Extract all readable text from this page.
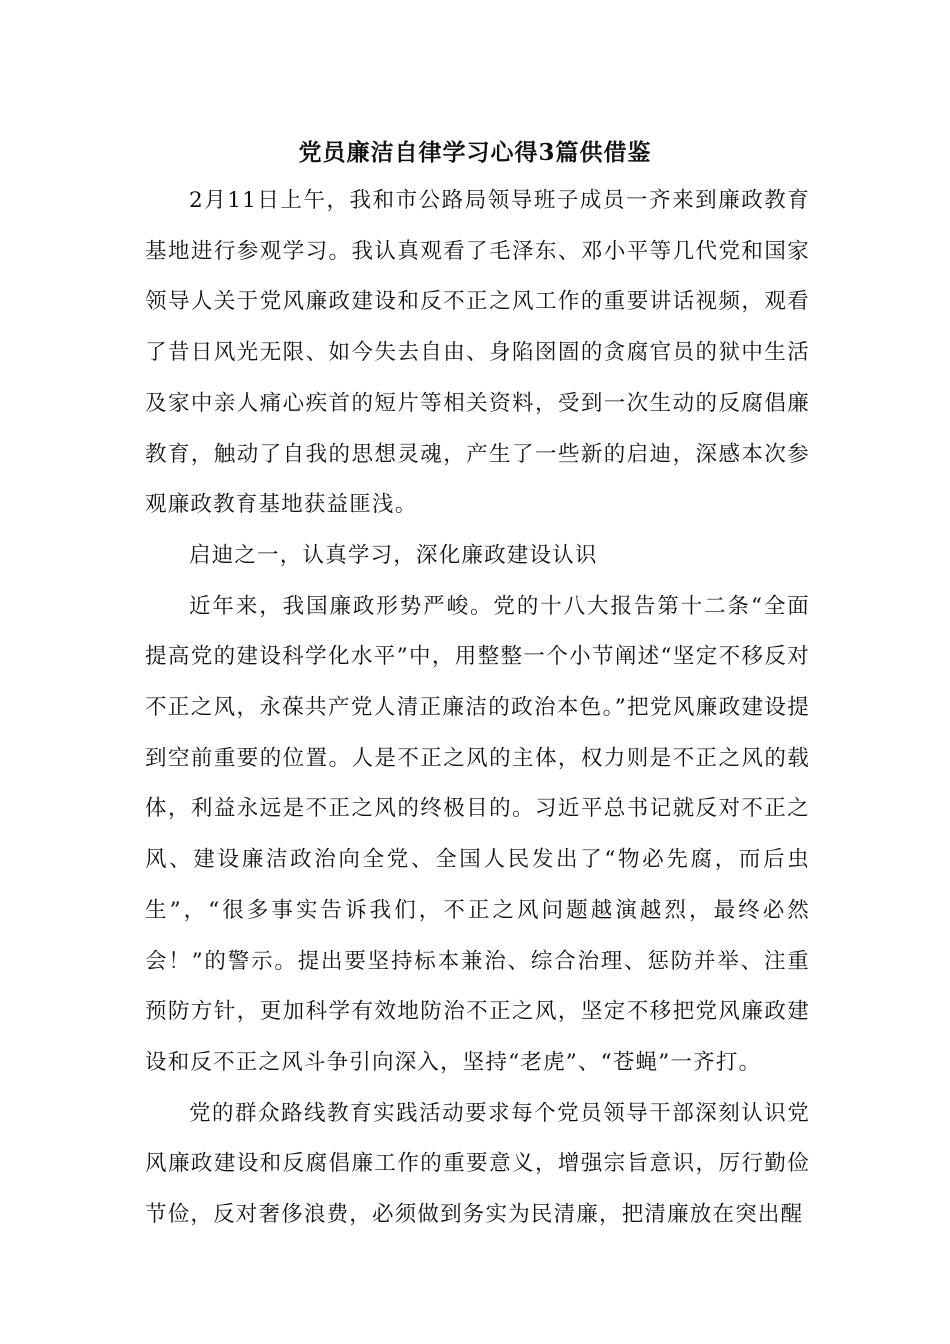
党员廉洁自律学习心得3篇供借鉴

2月11日上午，我和市公路局领导班子成员一齐来到廉政教育基地进行参观学习。我认真观看了毛泽东、邓小平等几代党和国家领导人关于党风廉政建设和反不正之风工作的重要讲话视频，观看了昔日风光无限、如今失去自由、身陷囹圄的贪腐官员的狱中生活及家中亲人痛心疾首的短片等相关资料，受到一次生动的反腐倡廉教育，触动了自我的思想灵魂，产生了一些新的启迪，深感本次参观廉政教育基地获益匪浅。

启迪之一，认真学习，深化廉政建设认识

近年来，我国廉政形势严峻。党的十八大报告第十二条“全面提高党的建设科学化水平”中，用整整一个小节阐述“坚定不移反对不正之风，永葆共产党人清正廉洁的政治本色。”把党风廉政建设提到空前重要的位置。人是不正之风的主体，权力则是不正之风的载体，利益永远是不正之风的终极目的。习近平总书记就反对不正之风、建设廉洁政治向全党、全国人民发出了“物必先腐，而后虫生”，“很多事实告诉我们，不正之风问题越演越烈，最终必然会！”的警示。提出要坚持标本兼治、综合治理、惩防并举、注重预防方针，更加科学有效地防治不正之风，坚定不移把党风廉政建设和反不正之风斗争引向深入，坚持“老虎”、“苍蝇”一齐打。

党的群众路线教育实践活动要求每个党员领导干部深刻认识党风廉政建设和反腐倡廉工作的重要意义，增强宗旨意识，厉行勤俭节俭，反对奢侈浪费，必须做到务实为民清廉，把清廉放在突出醒
